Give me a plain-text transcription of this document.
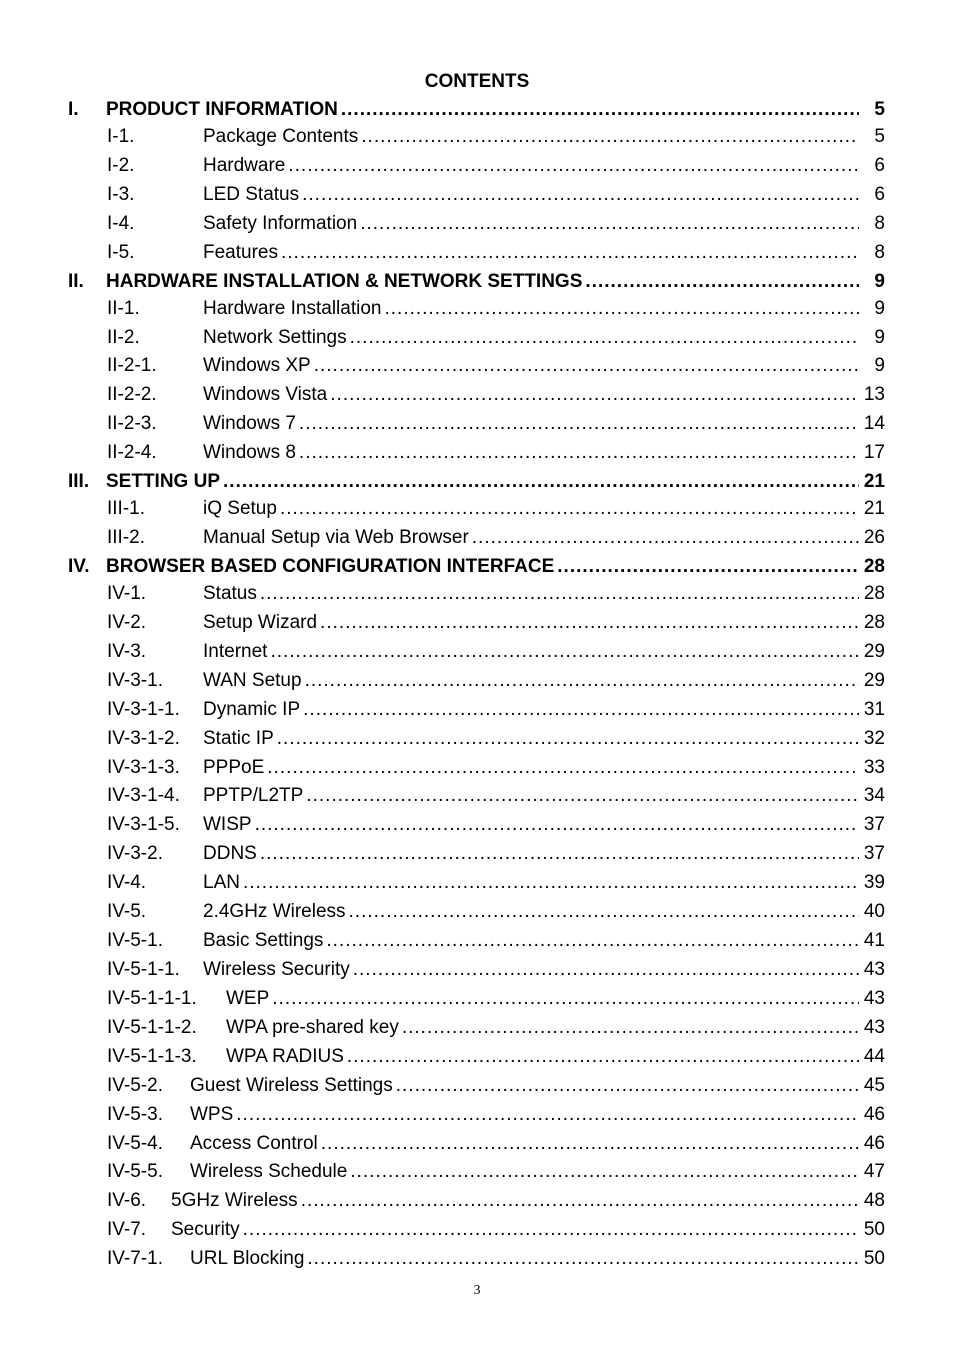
CONTENTS
I. PRODUCT INFORMATION .....	5
I-1.	Package Contents .....	5
I-2.	Hardware .....	6
I-3.	LED Status .....	6
I-4.	Safety Information .....	8
I-5.	Features .....	8
II. HARDWARE INSTALLATION & NETWORK SETTINGS .....	9
II-1.	Hardware Installation .....	9
II-2.	Network Settings .....	9
II-2-1. Windows XP .....	9
II-2-2. Windows Vista .....	13
II-2-3. Windows 7 .....	14
II-2-4. Windows 8 .....	17
III. SETTING UP .....	21
III-1.	iQ Setup .....	21
III-2.	Manual Setup via Web Browser .....	26
IV. BROWSER BASED CONFIGURATION INTERFACE .....	28
IV-1.	Status .....	28
IV-2.	Setup Wizard .....	28
IV-3.	Internet .....	29
IV-3-1. WAN Setup .....	29
IV-3-1-1. Dynamic IP .....	31
IV-3-1-2. Static IP .....	32
IV-3-1-3. PPPoE .....	33
IV-3-1-4. PPTP/L2TP .....	34
IV-3-1-5. WISP .....	37
IV-3-2. DDNS .....	37
IV-4.	LAN .....	39
IV-5.	2.4GHz Wireless .....	40
IV-5-1. Basic Settings .....	41
IV-5-1-1. Wireless Security .....	43
IV-5-1-1-1. WEP .....	43
IV-5-1-1-2. WPA pre-shared key .....	43
IV-5-1-1-3. WPA RADIUS .....	44
IV-5-2. Guest Wireless Settings .....	45
IV-5-3. WPS .....	46
IV-5-4. Access Control .....	46
IV-5-5. Wireless Schedule .....	47
IV-6. 5GHz Wireless .....	48
IV-7. Security .....	50
IV-7-1. URL Blocking .....	50
3
